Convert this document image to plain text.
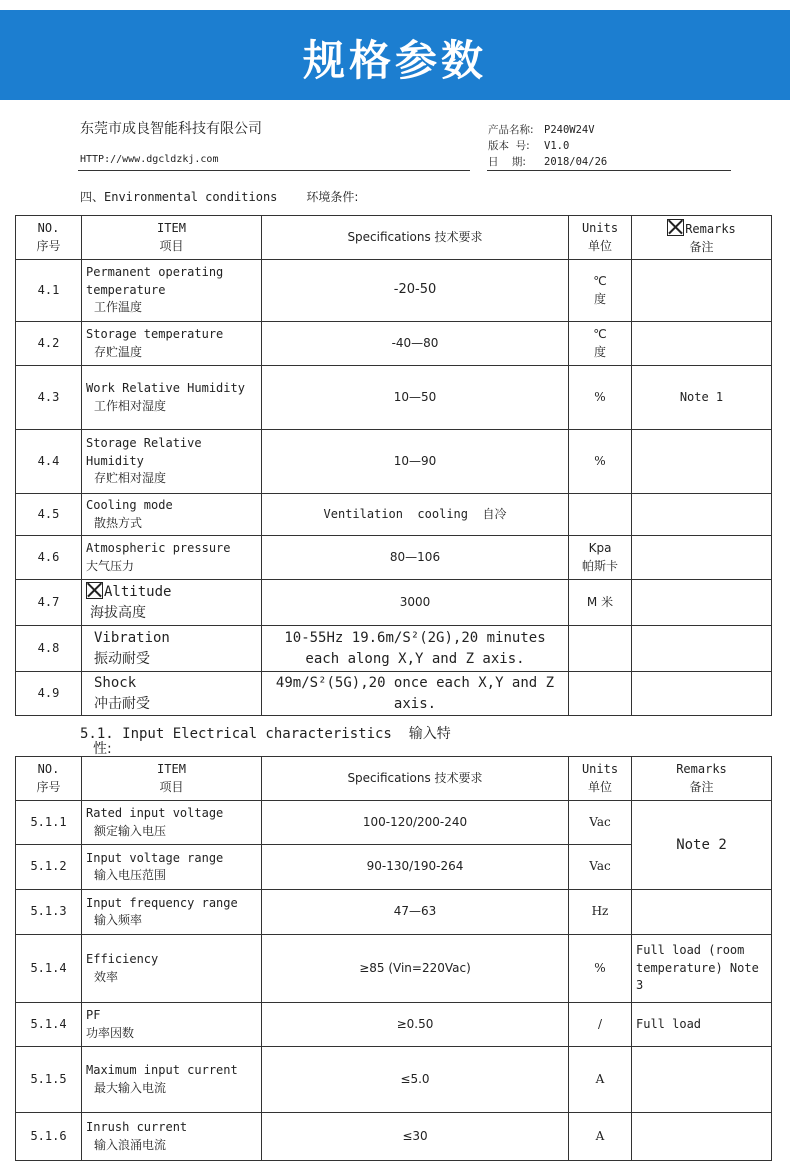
规格参数
东莞市成良智能科技有限公司
HTTP://www.dgcldzkj.com
产品名称: P240W24V
版本  号: V1.0
日    期: 2018/04/26
四、Environmental conditions 环境条件:
NO.
序号	ITEM
项目	Specifications 技术要求	Units
单位	Remarks
备注
4.1	Permanent operating temperature
工作温度	-20-50	℃
度	
4.2	Storage temperature
存贮温度	-40—80	℃
度	
4.3	Work Relative Humidity
工作相对湿度	10—50	%	Note 1
4.4	Storage Relative Humidity
存贮相对湿度	10—90	%	
4.5	Cooling mode
散热方式	Ventilation  cooling  自冷		
4.6	Atmospheric pressure
大气压力	80—106	Kpa
帕斯卡	
4.7	Altitude
海拔高度	3000	M 米	
4.8	Vibration
振动耐受	10-55Hz 19.6m/S²(2G),20 minutes each along X,Y and Z axis.		
4.9	Shock
冲击耐受	49m/S²(5G),20 once each X,Y and Z axis.		
5.1. Input Electrical characteristics 输入特
性:
NO.
序号	ITEM
项目	Specifications 技术要求	Units
单位	Remarks
备注
5.1.1	Rated input voltage
额定输入电压	100-120/200-240	Vac	Note 2
5.1.2	Input voltage range
输入电压范围	90-130/190-264	Vac	
5.1.3	Input frequency range
输入频率	47—63	Hz	
5.1.4	Efficiency
效率	≥85 (Vin=220Vac)	%	Full load (room temperature) Note 3
5.1.4	PF
功率因数	≥0.50	/	Full load
5.1.5	Maximum input current
最大输入电流	≤5.0	A	
5.1.6	Inrush current
输入浪涌电流	≤30	A	
